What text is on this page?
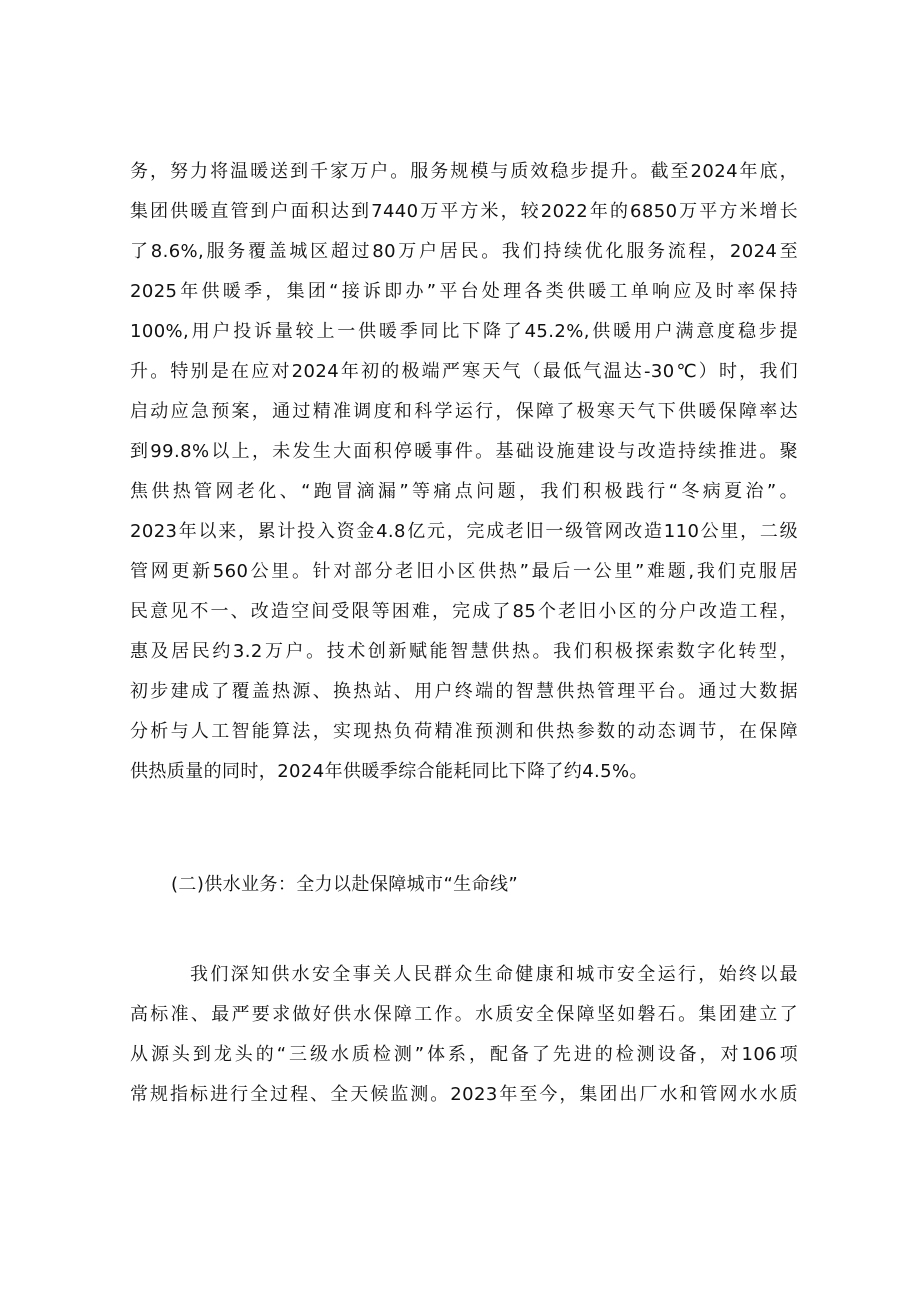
务，努力将温暖送到千家万户。服务规模与质效稳步提升。截至2024年底，
集团供暖直管到户面积达到7440万平方米，较2022年的6850万平方米增长
了8.6%,服务覆盖城区超过80万户居民。我们持续优化服务流程，2024至
2025年供暖季，集团“接诉即办”平台处理各类供暖工单响应及时率保持
100%,用户投诉量较上一供暖季同比下降了45.2%,供暖用户满意度稳步提
升。特别是在应对2024年初的极端严寒天气（最低气温达-30℃）时，我们
启动应急预案，通过精准调度和科学运行，保障了极寒天气下供暖保障率达
到99.8%以上，未发生大面积停暖事件。基础设施建设与改造持续推进。聚
焦供热管网老化、“跑冒滴漏”等痛点问题，我们积极践行“冬病夏治”。
2023年以来，累计投入资金4.8亿元，完成老旧一级管网改造110公里，二级
管网更新560公里。针对部分老旧小区供热”最后一公里”难题,我们克服居
民意见不一、改造空间受限等困难，完成了85个老旧小区的分户改造工程，
惠及居民约3.2万户。技术创新赋能智慧供热。我们积极探索数字化转型，
初步建成了覆盖热源、换热站、用户终端的智慧供热管理平台。通过大数据
分析与人工智能算法，实现热负荷精准预测和供热参数的动态调节，在保障
供热质量的同时，2024年供暖季综合能耗同比下降了约4.5%。
(二)供水业务：全力以赴保障城市“生命线”
我们深知供水安全事关人民群众生命健康和城市安全运行，始终以最
高标准、最严要求做好供水保障工作。水质安全保障坚如磐石。集团建立了
从源头到龙头的“三级水质检测”体系，配备了先进的检测设备，对106项
常规指标进行全过程、全天候监测。2023年至今，集团出厂水和管网水水质
